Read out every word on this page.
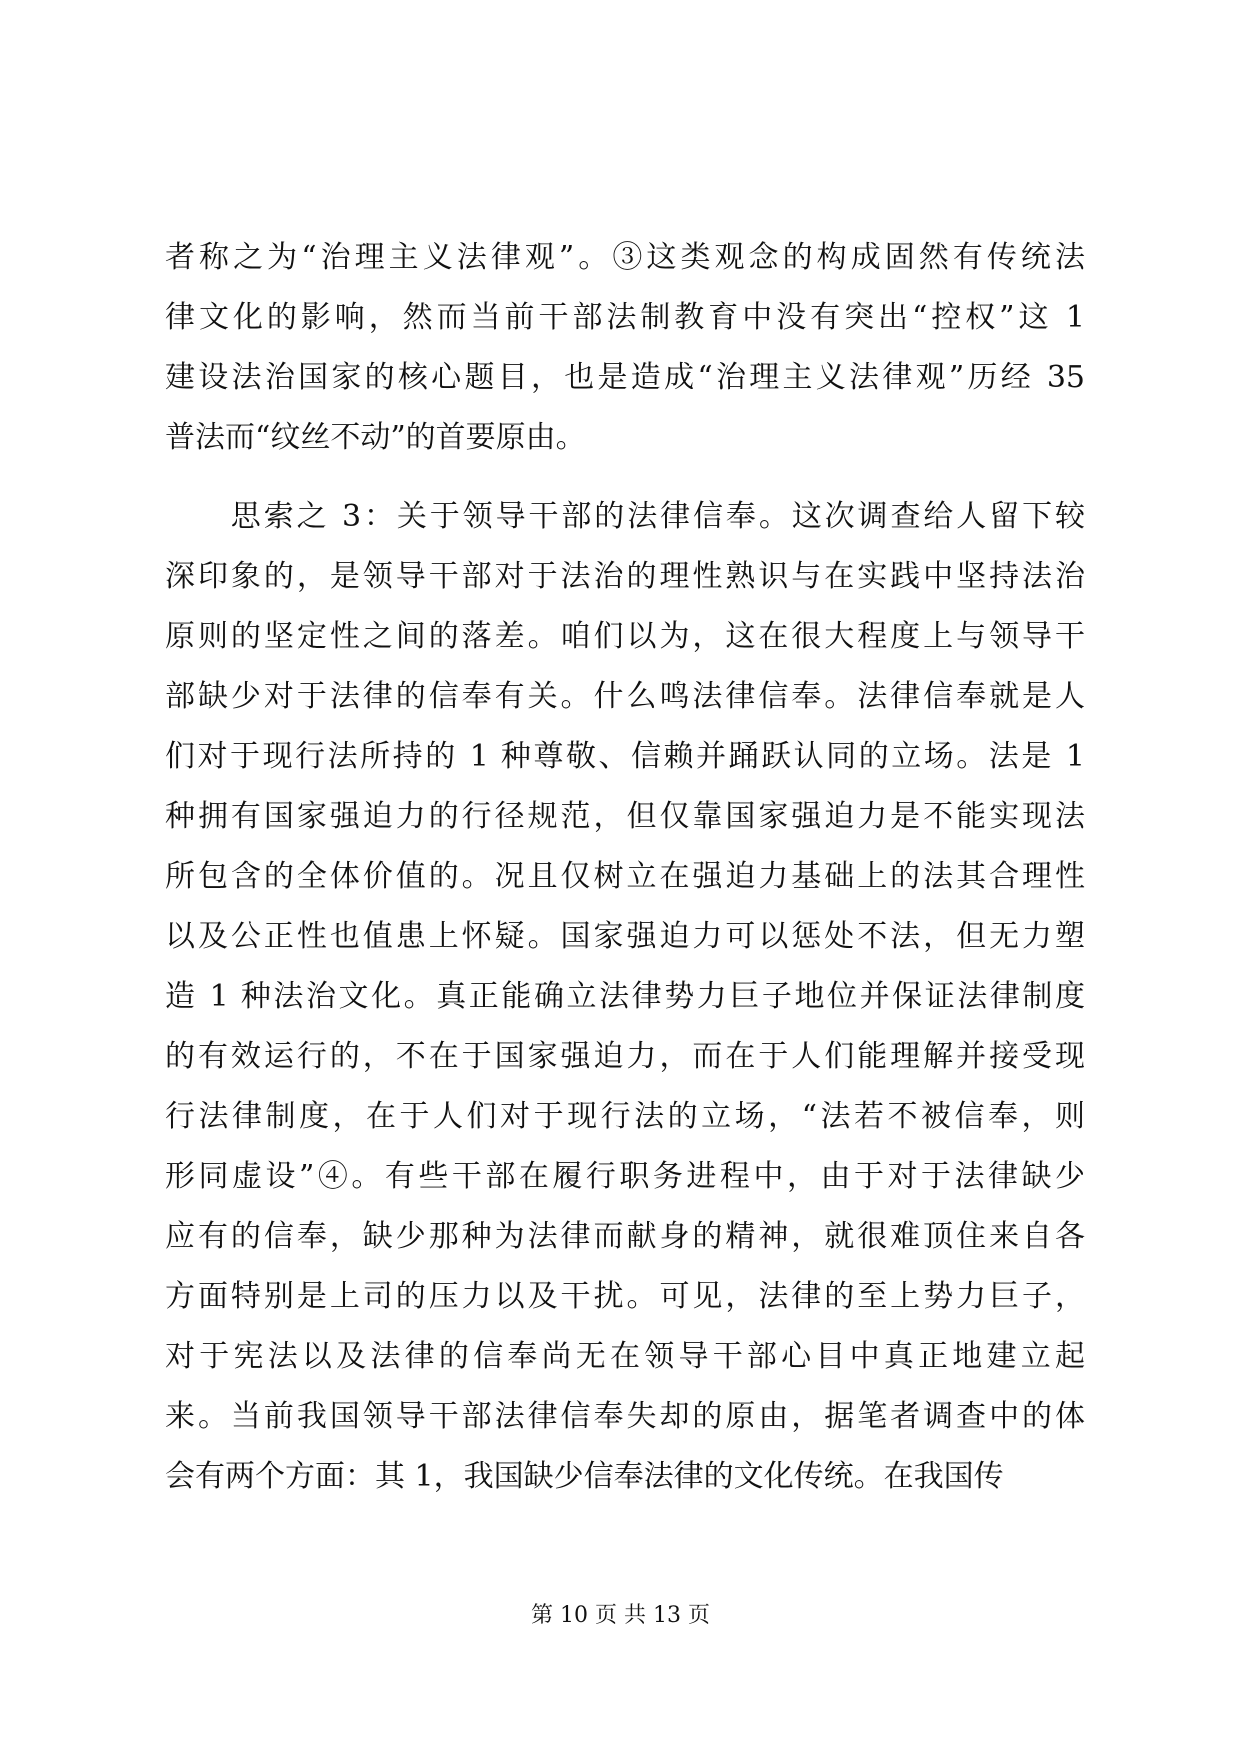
者称之为“治理主义法律观”。③这类观念的构成固然有传统法
律文化的影响，然而当前干部法制教育中没有突出“控权”这 1
建设法治国家的核心题目，也是造成“治理主义法律观”历经 35
普法而“纹丝不动”的首要原由。
　　思索之 3：关于领导干部的法律信奉。这次调查给人留下较
深印象的，是领导干部对于法治的理性熟识与在实践中坚持法治
原则的坚定性之间的落差。咱们以为，这在很大程度上与领导干
部缺少对于法律的信奉有关。什么鸣法律信奉。法律信奉就是人
们对于现行法所持的 1 种尊敬、信赖并踊跃认同的立场。法是 1
种拥有国家强迫力的行径规范，但仅靠国家强迫力是不能实现法
所包含的全体价值的。况且仅树立在强迫力基础上的法其合理性
以及公正性也值患上怀疑。国家强迫力可以惩处不法，但无力塑
造 1 种法治文化。真正能确立法律势力巨子地位并保证法律制度
的有效运行的，不在于国家强迫力，而在于人们能理解并接受现
行法律制度，在于人们对于现行法的立场，“法若不被信奉，则
形同虚设”④。有些干部在履行职务进程中，由于对于法律缺少
应有的信奉，缺少那种为法律而献身的精神，就很难顶住来自各
方面特别是上司的压力以及干扰。可见，法律的至上势力巨子，
对于宪法以及法律的信奉尚无在领导干部心目中真正地建立起
来。当前我国领导干部法律信奉失却的原由，据笔者调查中的体
会有两个方面：其 1，我国缺少信奉法律的文化传统。在我国传
第 10 页 共 13 页
